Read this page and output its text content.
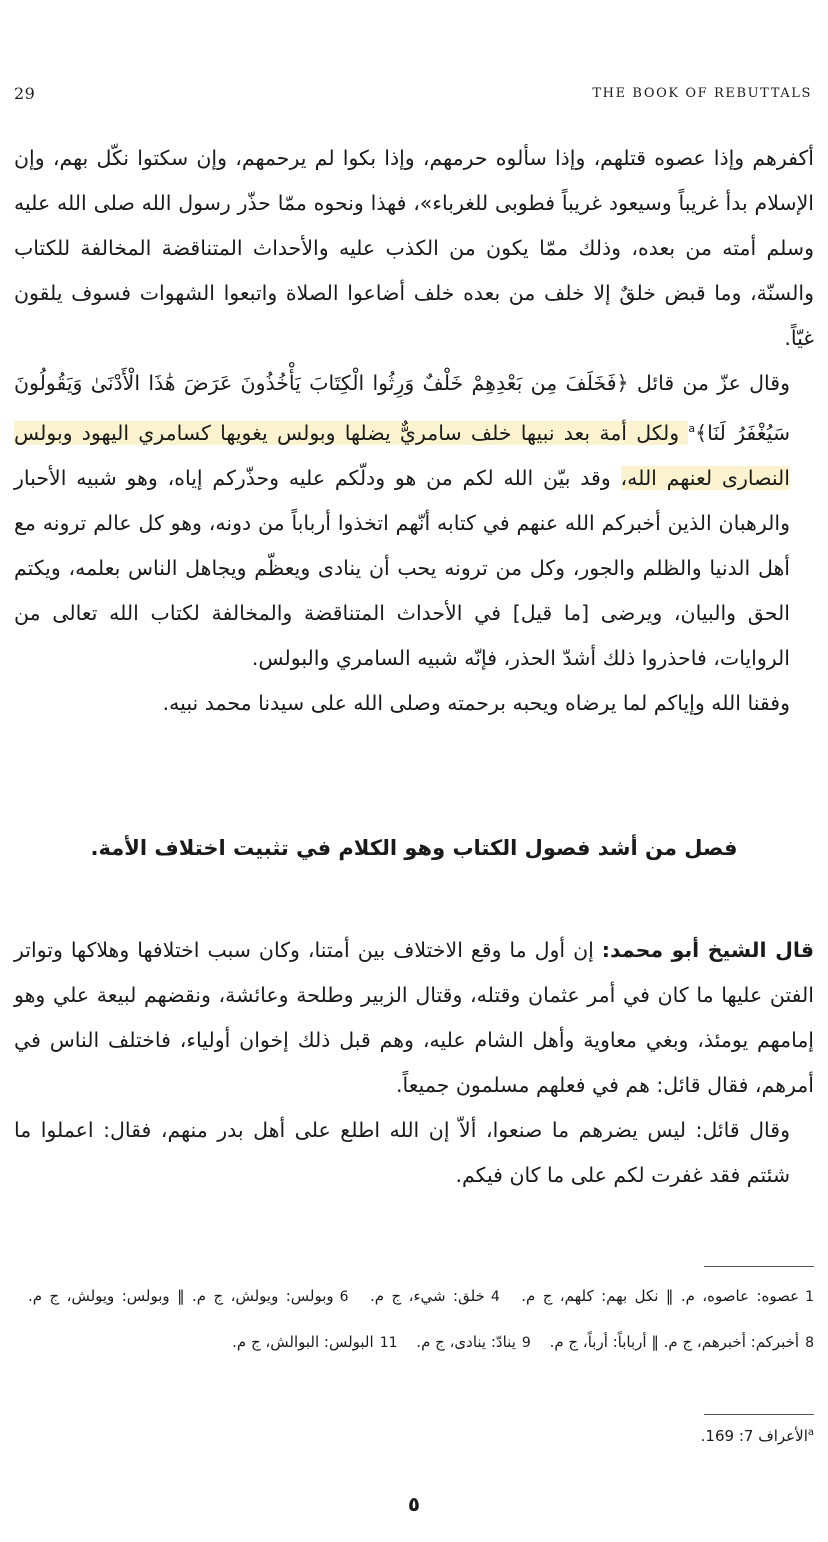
29	THE BOOK OF REBUTTALS

أكفرهم وإذا عصوه قتلهم، وإذا سألوه حرمهم، وإذا بكوا لم يرحمهم، وإن سكتوا نكّل بهم، وإن الإسلام بدأ غريباً وسيعود غريباً فطوبى للغرباء»، فهذا ونحوه ممّا حذّر رسول الله صلى الله عليه وسلم أمته من بعده، وذلك ممّا يكون من الكذب عليه والأحداث المتناقضة المخالفة للكتاب والسنّة، وما قبض خلقٌ إلا خلف من بعده خلف أضاعوا الصلاة واتبعوا الشهوات فسوف يلقون غيّاً.

وقال عزّ من قائل ﴿فَخَلَفَ مِن بَعْدِهِمْ خَلْفٌ وَرِثُوا الْكِتَابَ يَأْخُذُونَ عَرَضَ هَٰذَا الْأَدْنَىٰ وَيَقُولُونَ سَيُغْفَرُ لَنَا﴾$^a$ ولكل أمة بعد نبيها خلف سامريٌّ يضلها وبولس يغويها كسامري اليهود وبولس النصارى لعنهم الله، وقد بيّن الله لكم من هو ودلّكم عليه وحذّركم إياه، وهو شبيه الأحبار والرهبان الذين أخبركم الله عنهم في كتابه أنّهم اتخذوا أرباباً من دونه، وهو كل عالم ترونه مع أهل الدنيا والظلم والجور، وكل من ترونه يحب أن ينادى ويعظّم ويجاهل الناس بعلمه، ويكتم الحق والبيان، ويرضى [ما قيل] في الأحداث المتناقضة والمخالفة لكتاب الله تعالى من الروايات، فاحذروا ذلك أشدّ الحذر، فإنّه شبيه السامري والبولس.

وفقنا الله وإياكم لما يرضاه ويحبه برحمته وصلى الله على سيدنا محمد نبيه.

فصل من أشد فصول الكتاب وهو الكلام في تثبيت اختلاف الأمة.

قال الشيخ أبو محمد: إن أول ما وقع الاختلاف بين أمتنا، وكان سبب اختلافها وهلاكها وتواتر الفتن عليها ما كان في أمر عثمان وقتله، وقتال الزبير وطلحة وعائشة، ونقضهم لبيعة علي وهو إمامهم يومئذ، وبغي معاوية وأهل الشام عليه، وهم قبل ذلك إخوان أولياء، فاختلف الناس في أمرهم، فقال قائل: هم في فعلهم مسلمون جميعاً.

وقال قائل: ليس يضرهم ما صنعوا، ألاّ إن الله اطلع على أهل بدر منهم، فقال: اعملوا ما شئتم فقد غفرت لكم على ما كان فيكم.

1عصوه: عاصوه، م. ‖ نكل بهم: كلهم، ج م. 4خلق: شيء، ج م. 6وبولس: ويولش، ج م. ‖ وبولس: ويولش، ج م. 8أخبركم: أخبرهم، ج م. ‖ أرباباً: أرباً، ج م. 9ينادّ: ينادى، ج م. 11البولس: البوالش، ج م.
$^a$الأعراف 7: 169.
٥
